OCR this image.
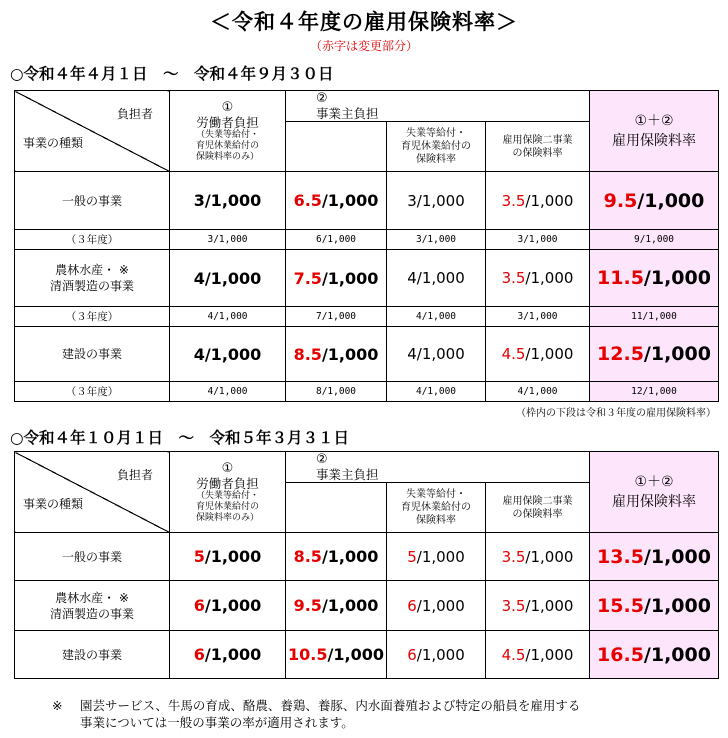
＜令和４年度の雇用保険料率＞
（赤字は変更部分）
○令和４年４月１日　～　令和４年９月３０日
負担者
事業の種類	①
労働者負担
（失業等給付・
育児休業給付の
保険料率のみ）	②
事業主負担			①＋②
雇用保険料率

			失業等給付・
育児休業給付の
保険料率	雇用保険二事業
の保険料率	

一般の事業	3/1,000	6.5/1,000	3/1,000	3.5/1,000	9.5/1,000
（３年度）	3/1,000	6/1,000	3/1,000	3/1,000	9/1,000
農林水産・ ※
清酒製造の事業	4/1,000	7.5/1,000	4/1,000	3.5/1,000	11.5/1,000
（３年度）	4/1,000	7/1,000	4/1,000	3/1,000	11/1,000
建設の事業	4/1,000	8.5/1,000	4/1,000	4.5/1,000	12.5/1,000
（３年度）	4/1,000	8/1,000	4/1,000	4/1,000	12/1,000
（枠内の下段は令和３年度の雇用保険料率）
○令和４年１０月１日　～　令和５年３月３１日
負担者
事業の種類	①
労働者負担
（失業等給付・
育児休業給付の
保険料率のみ）	②
事業主負担			①＋②
雇用保険料率

			失業等給付・
育児休業給付の
保険料率	雇用保険二事業
の保険料率	

一般の事業	5/1,000	8.5/1,000	5/1,000	3.5/1,000	13.5/1,000
農林水産・ ※
清酒製造の事業	6/1,000	9.5/1,000	6/1,000	3.5/1,000	15.5/1,000
建設の事業	6/1,000	10.5/1,000	6/1,000	4.5/1,000	16.5/1,000
※ 園芸サービス、牛馬の育成、酪農、養鶏、養豚、内水面養殖および特定の船員を雇用する
事業については一般の事業の率が適用されます。
